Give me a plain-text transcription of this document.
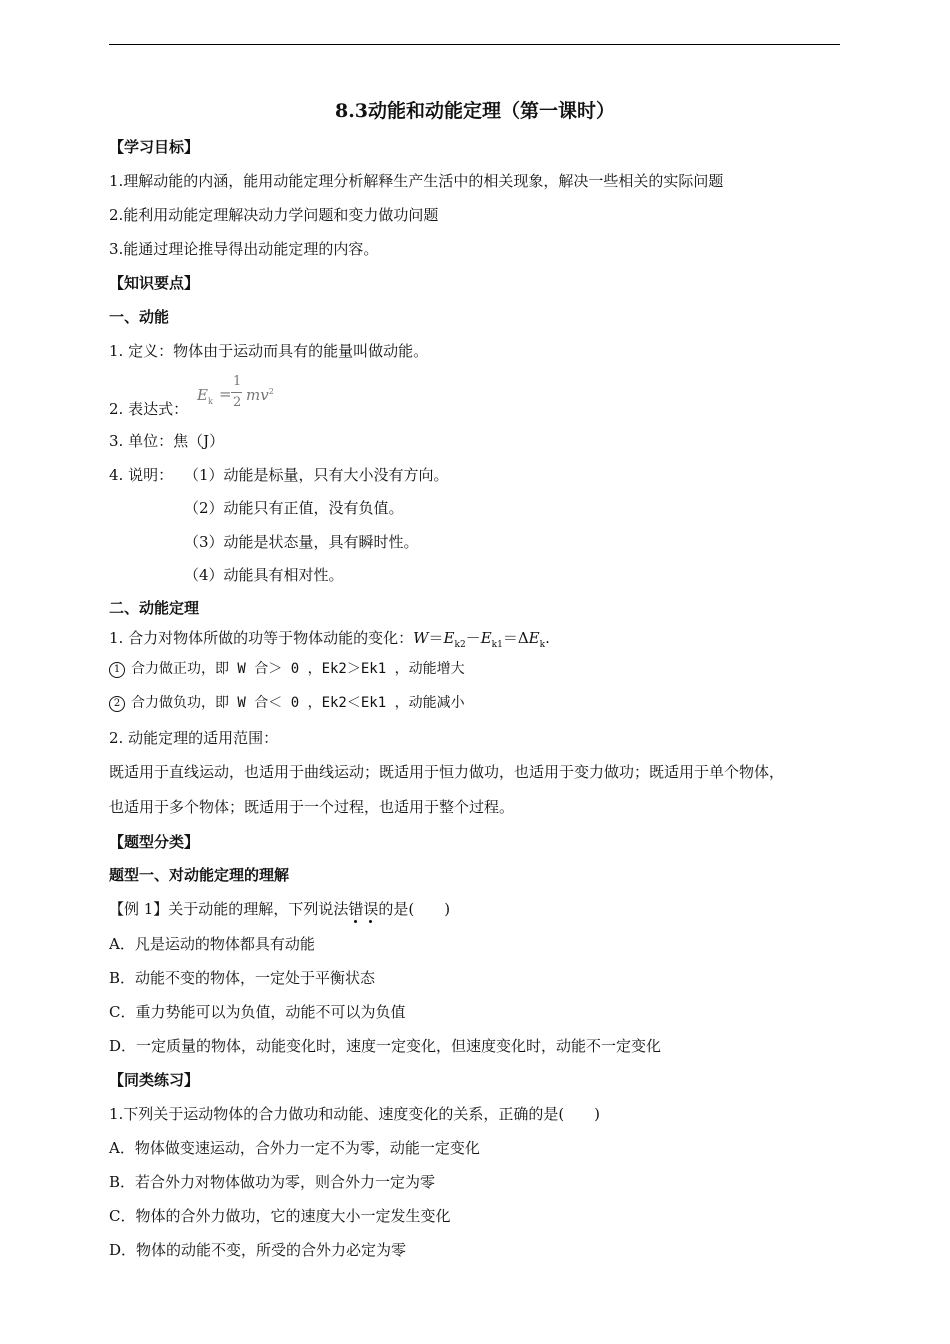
8.3动能和动能定理（第一课时）
【学习目标】
1.理解动能的内涵，能用动能定理分析解释生产生活中的相关现象，解决一些相关的实际问题
2.能利用动能定理解决动力学问题和变力做功问题
3.能通过理论推导得出动能定理的内容。
【知识要点】
一、动能
1. 定义：物体由于运动而具有的能量叫做动能。
2. 表达式：
$E_k$ =
1
2 $mv^2$
3. 单位：焦（J）
4. 说明： （1）动能是标量，只有大小没有方向。
（2）动能只有正值，没有负值。
（3）动能是状态量，具有瞬时性。
（4）动能具有相对性。
二、动能定理
1. 合力对物体所做的功等于物体动能的变化：$W=E_{k2}-E_{k1}=\Delta E_k$.
1 合力做正功，即 W 合＞ 0 ，Ek2＞Ek1 ，动能增大
2 合力做负功，即 W 合＜ 0 ，Ek2＜Ek1 ，动能减小
2. 动能定理的适用范围：
既适用于直线运动，也适用于曲线运动；既适用于恒力做功，也适用于变力做功；既适用于单个物体，
也适用于多个物体；既适用于一个过程，也适用于整个过程。
【题型分类】
题型一、对动能定理的理解
【例 1】关于动能的理解，下列说法错误的是(　　)
A．凡是运动的物体都具有动能
B．动能不变的物体，一定处于平衡状态
C．重力势能可以为负值，动能不可以为负值
D．一定质量的物体，动能变化时，速度一定变化，但速度变化时，动能不一定变化
【同类练习】
1.下列关于运动物体的合力做功和动能、速度变化的关系，正确的是(　　)
A．物体做变速运动，合外力一定不为零，动能一定变化
B．若合外力对物体做功为零，则合外力一定为零
C．物体的合外力做功，它的速度大小一定发生变化
D．物体的动能不变，所受的合外力必定为零
